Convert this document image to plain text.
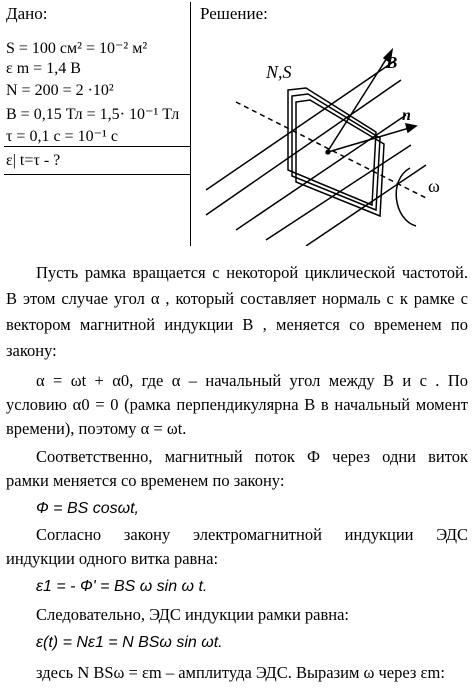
Дано:
S = 100 см² = 10⁻² м²
ε m = 1,4 В
N = 200 = 2 ·10²
B = 0,15 Тл = 1,5· 10⁻¹ Тл
τ = 0,1 с = 10⁻¹ с
ε| t=τ - ?
Решение:
N,S	B
n
ω
Пусть рамка вращается с некоторой циклической частотой.
В этом случае угол α , который составляет нормаль c к рамке с
вектором магнитной индукции B , меняется со временем по
закону:
α = ωt + α0, где α – начальный угол между B и c . По
условию α0 = 0 (рамка перпендикулярна B в начальный момент
времени), поэтому α = ωt.
Соответственно, магнитный поток Ф через одни виток
рамки меняется со временем по закону:
Ф = BS cosωt,
Согласно закону электромагнитной индукции ЭДС
индукции одного витка равна:
ε1 = - Ф' = BS ω sin ω t.
Следовательно, ЭДС индукции рамки равна:
ε(t) = Nε1 = N BSω sin ωt.
здесь N BSω = εm – амплитуда ЭДС. Выразим ω через εm:
